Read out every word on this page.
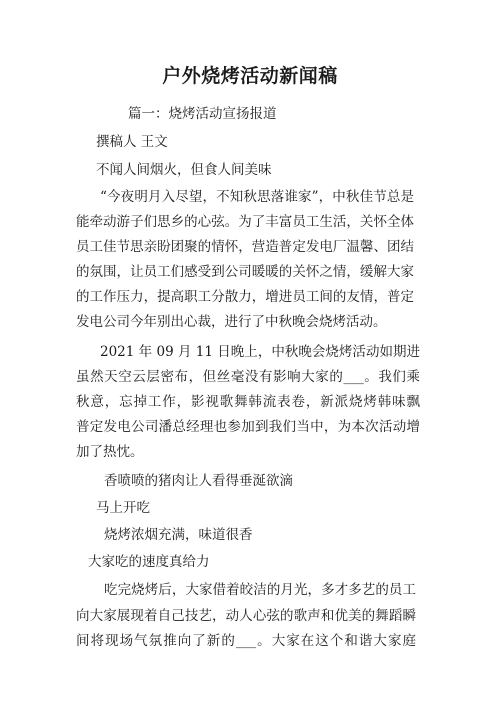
户外烧烤活动新闻稿
篇一：烧烤活动宣扬报道
撰稿人 王文
不闻人间烟火，但食人间美味
“今夜明月入尽望，不知秋思落谁家”，中秋佳节总是
能牵动游子们思乡的心弦。为了丰富员工生活，关怀全体
员工佳节思亲盼团聚的情怀，营造普定发电厂温馨、团结
的氛围，让员工们感受到公司暖暖的关怀之情，缓解大家
的工作压力，提高职工分散力，增进员工间的友情，普定
发电公司今年别出心裁，进行了中秋晚会烧烤活动。
2021 年 09 月 11 日晚上，中秋晚会烧烤活动如期进
虽然天空云层密布，但丝毫没有影响大家的___。我们乘
秋意，忘掉工作，影视歌舞韩流表卷，新派烧烤韩味飘
普定发电公司潘总经理也参加到我们当中，为本次活动增
加了热忱。
香喷喷的猪肉让人看得垂涎欲滴
马上开吃
烧烤浓烟充满，味道很香
大家吃的速度真给力
吃完烧烤后，大家借着皎洁的月光，多才多艺的员工
向大家展现着自己技艺，动人心弦的歌声和优美的舞蹈瞬
间将现场气氛推向了新的___。大家在这个和谐大家庭
